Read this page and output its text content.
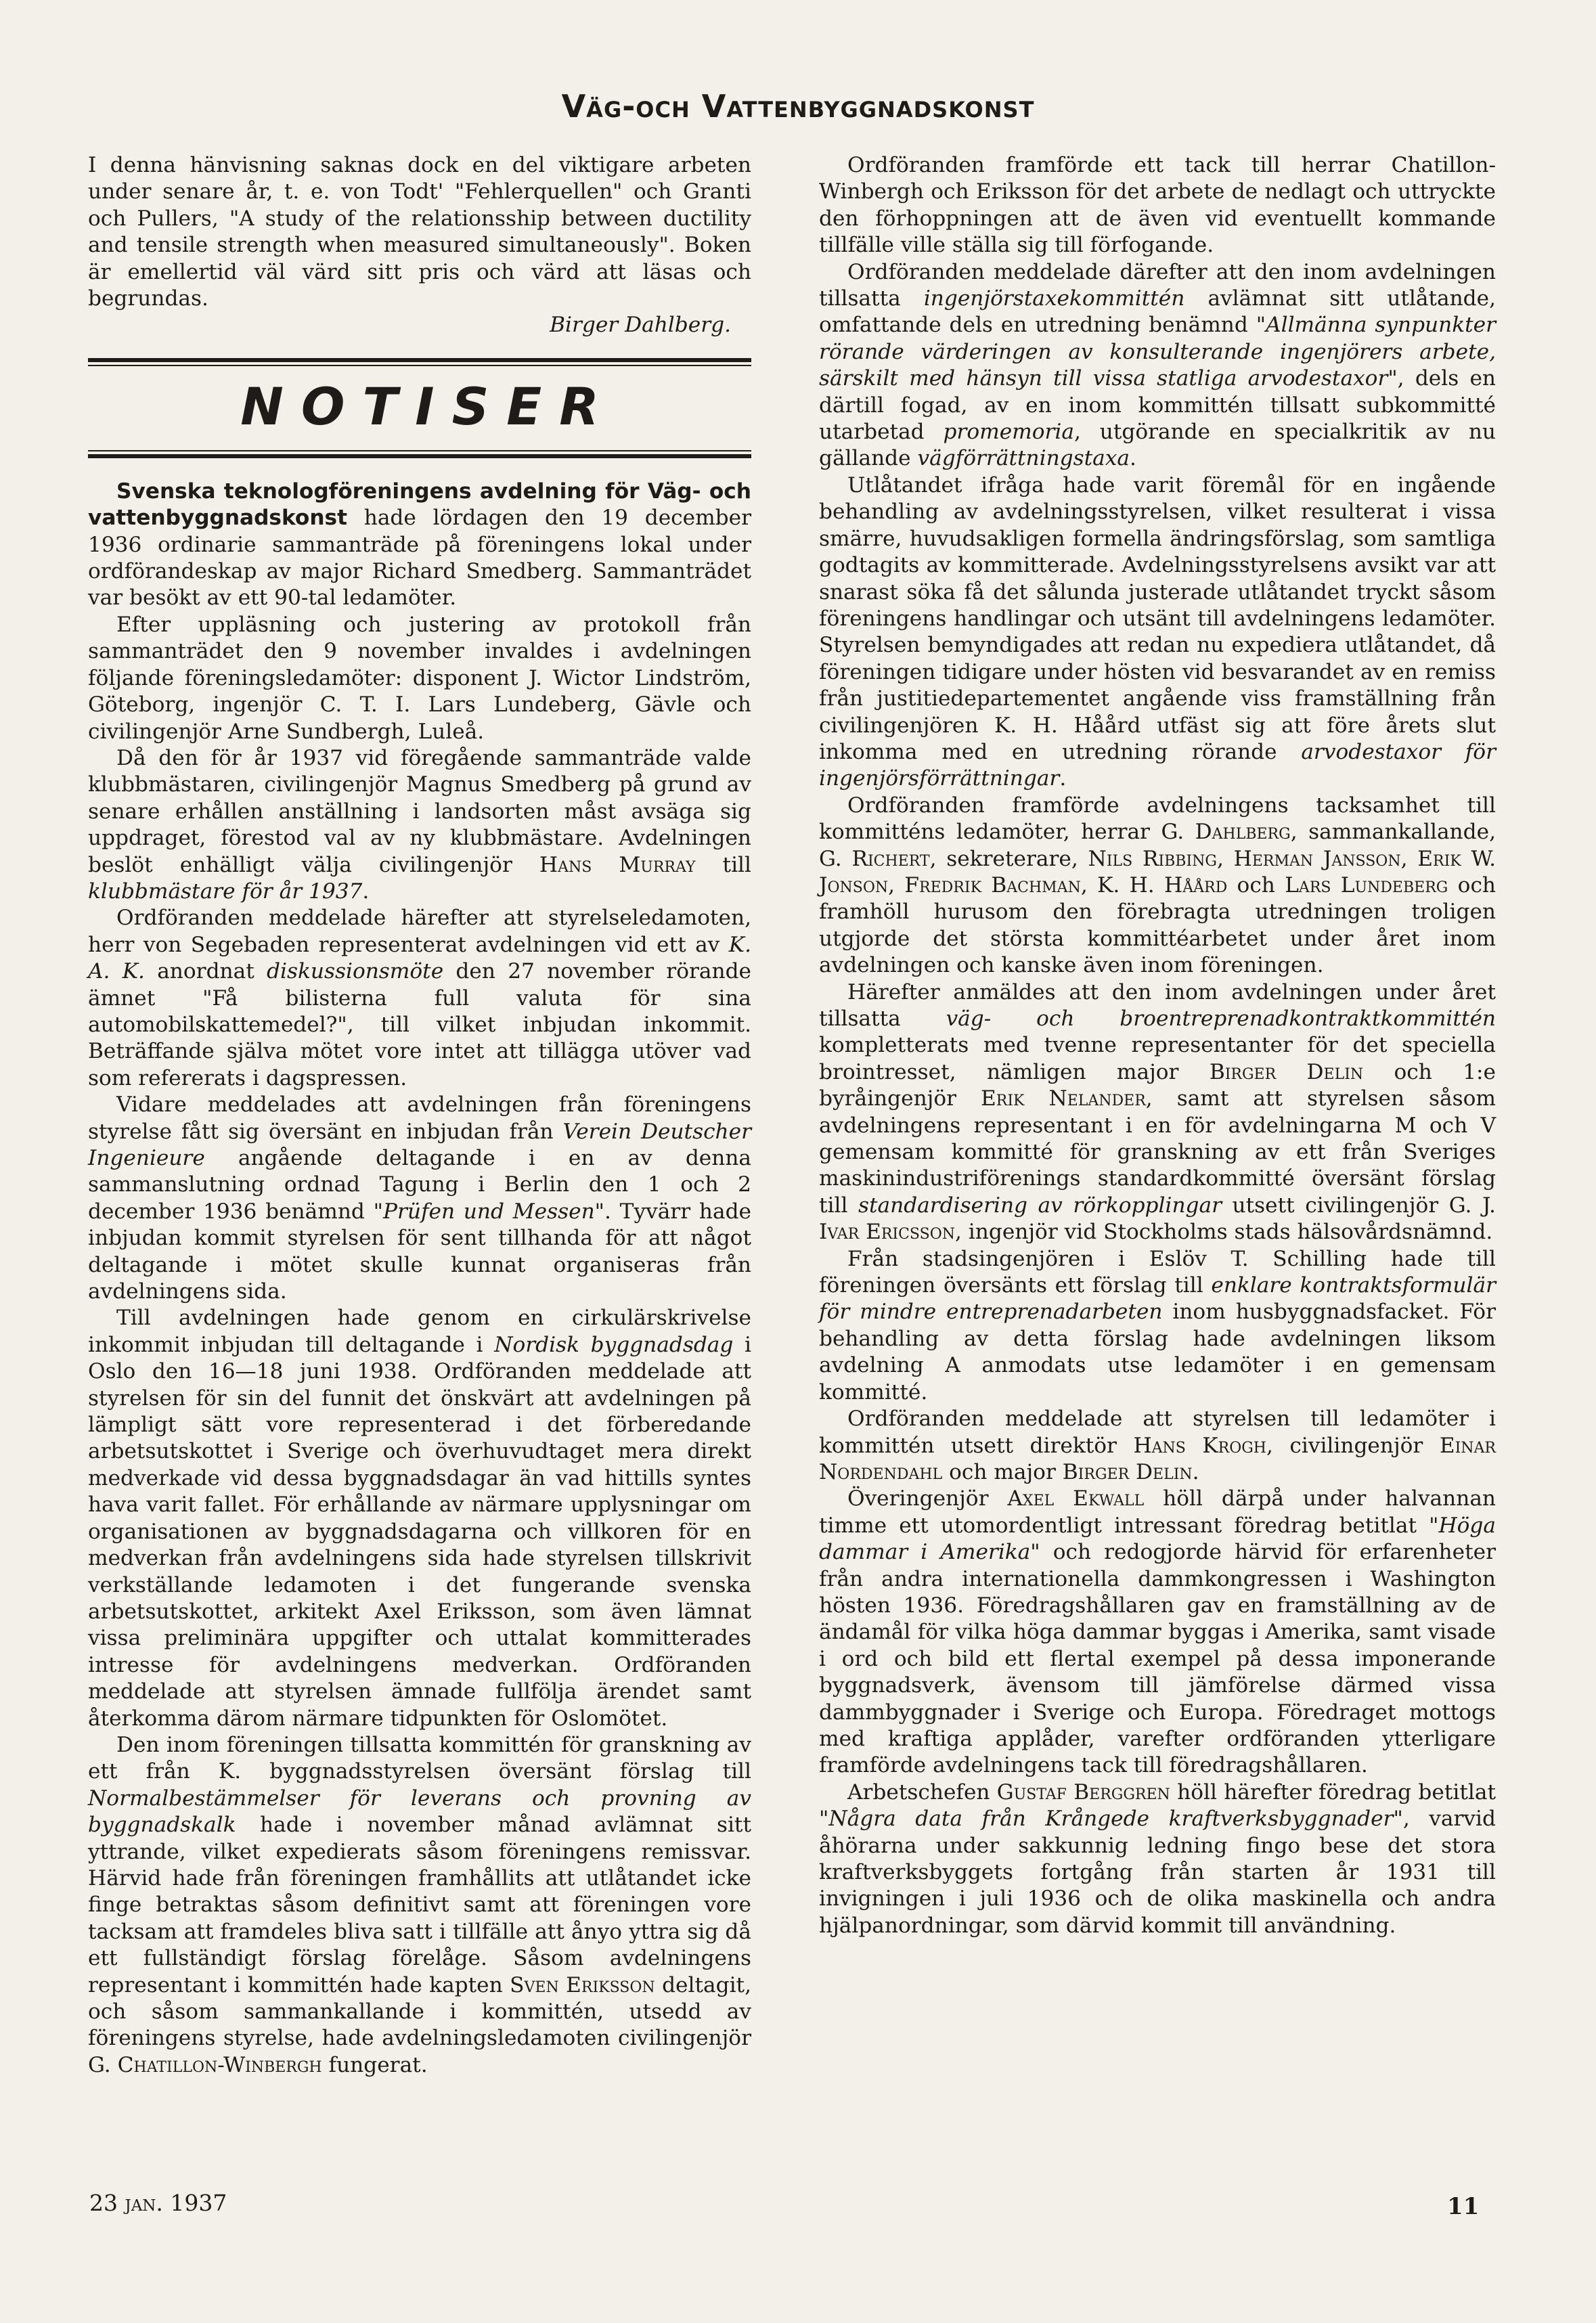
Väg-och Vattenbyggnadskonst

I denna hänvisning saknas dock en del viktigare arbeten under senare år, t. e. von Todt' "Fehlerquellen" och Granti och Pullers, "A study of the relationsship between ductility and tensile strength when measured simultaneously". Boken är emellertid väl värd sitt pris och värd att läsas och begrundas.

Birger Dahlberg.

NOTISER

Svenska teknologföreningens avdelning för Väg- och vattenbyggnadskonst hade lördagen den 19 december 1936 ordinarie sammanträde på föreningens lokal under ordförandeskap av major Richard Smedberg. Sammanträdet var besökt av ett 90-tal ledamöter.

Efter uppläsning och justering av protokoll från sammanträdet den 9 november invaldes i avdelningen följande föreningsledamöter: disponent J. Wictor Lindström, Göteborg, ingenjör C. T. I. Lars Lundeberg, Gävle och civilingenjör Arne Sundbergh, Luleå.

Då den för år 1937 vid föregående sammanträde valde klubbmästaren, civilingenjör Magnus Smedberg på grund av senare erhållen anställning i landsorten måst avsäga sig uppdraget, förestod val av ny klubbmästare. Avdelningen beslöt enhälligt välja civilingenjör Hans Murray till klubbmästare för år 1937.

Ordföranden meddelade härefter att styrelseledamoten, herr von Segebaden representerat avdelningen vid ett av K. A. K. anordnat diskussionsmöte den 27 november rörande ämnet "Få bilisterna full valuta för sina automobilskattemedel?", till vilket inbjudan inkommit. Beträffande själva mötet vore intet att tillägga utöver vad som refererats i dagspressen.

Vidare meddelades att avdelningen från föreningens styrelse fått sig översänt en inbjudan från Verein Deutscher Ingenieure angående deltagande i en av denna sammanslutning ordnad Tagung i Berlin den 1 och 2 december 1936 benämnd "Prüfen und Messen". Tyvärr hade inbjudan kommit styrelsen för sent tillhanda för att något deltagande i mötet skulle kunnat organiseras från avdelningens sida.

Till avdelningen hade genom en cirkulärskrivelse inkommit inbjudan till deltagande i Nordisk byggnadsdag i Oslo den 16—18 juni 1938. Ordföranden meddelade att styrelsen för sin del funnit det önskvärt att avdelningen på lämpligt sätt vore representerad i det förberedande arbetsutskottet i Sverige och överhuvudtaget mera direkt medverkade vid dessa byggnadsdagar än vad hittills syntes hava varit fallet. För erhållande av närmare upplysningar om organisationen av byggnadsdagarna och villkoren för en medverkan från avdelningens sida hade styrelsen tillskrivit verkställande ledamoten i det fungerande svenska arbetsutskottet, arkitekt Axel Eriksson, som även lämnat vissa preliminära uppgifter och uttalat kommitterades intresse för avdelningens medverkan. Ordföranden meddelade att styrelsen ämnade fullfölja ärendet samt återkomma därom närmare tidpunkten för Oslomötet.

Den inom föreningen tillsatta kommittén för granskning av ett från K. byggnadsstyrelsen översänt förslag till Normalbestämmelser för leverans och provning av byggnadskalk hade i november månad avlämnat sitt yttrande, vilket expedierats såsom föreningens remissvar. Härvid hade från föreningen framhållits att utlåtandet icke finge betraktas såsom definitivt samt att föreningen vore tacksam att framdeles bliva satt i tillfälle att ånyo yttra sig då ett fullständigt förslag förelåge. Såsom avdelningens representant i kommittén hade kapten Sven Eriksson deltagit, och såsom sammankallande i kommittén, utsedd av föreningens styrelse, hade avdelningsledamoten civilingenjör G. Chatillon-Winbergh fungerat.

Ordföranden framförde ett tack till herrar Chatillon-Winbergh och Eriksson för det arbete de nedlagt och uttryckte den förhoppningen att de även vid eventuellt kommande tillfälle ville ställa sig till förfogande.

Ordföranden meddelade därefter att den inom avdelningen tillsatta ingenjörstaxekommittén avlämnat sitt utlåtande, omfattande dels en utredning benämnd "Allmänna synpunkter rörande värderingen av konsulterande ingenjörers arbete, särskilt med hänsyn till vissa statliga arvodestaxor", dels en därtill fogad, av en inom kommittén tillsatt subkommitté utarbetad promemoria, utgörande en specialkritik av nu gällande vägförrättningstaxa.

Utlåtandet ifråga hade varit föremål för en ingående behandling av avdelningsstyrelsen, vilket resulterat i vissa smärre, huvudsakligen formella ändringsförslag, som samtliga godtagits av kommitterade. Avdelningsstyrelsens avsikt var att snarast söka få det sålunda justerade utlåtandet tryckt såsom föreningens handlingar och utsänt till avdelningens ledamöter. Styrelsen bemyndigades att redan nu expediera utlåtandet, då föreningen tidigare under hösten vid besvarandet av en remiss från justitiedepartementet angående viss framställning från civilingenjören K. H. Håård utfäst sig att före årets slut inkomma med en utredning rörande arvodestaxor för ingenjörsförrättningar.

Ordföranden framförde avdelningens tacksamhet till kommitténs ledamöter, herrar G. Dahlberg, sammankallande, G. Richert, sekreterare, Nils Ribbing, Herman Jansson, Erik W. Jonson, Fredrik Bachman, K. H. Håård och Lars Lundeberg och framhöll hurusom den förebragta utredningen troligen utgjorde det största kommittéarbetet under året inom avdelningen och kanske även inom föreningen.

Härefter anmäldes att den inom avdelningen under året tillsatta väg- och broentreprenadkontraktkommittén kompletterats med tvenne representanter för det speciella brointresset, nämligen major Birger Delin och 1:e byråingenjör Erik Nelander, samt att styrelsen såsom avdelningens representant i en för avdelningarna M och V gemensam kommitté för granskning av ett från Sveriges maskinindustriförenings standardkommitté översänt förslag till standardisering av rörkopplingar utsett civilingenjör G. J. Ivar Ericsson, ingenjör vid Stockholms stads hälsovårdsnämnd.

Från stadsingenjören i Eslöv T. Schilling hade till föreningen översänts ett förslag till enklare kontraktsformulär för mindre entreprenadarbeten inom husbyggnadsfacket. För behandling av detta förslag hade avdelningen liksom avdelning A anmodats utse ledamöter i en gemensam kommitté.

Ordföranden meddelade att styrelsen till ledamöter i kommittén utsett direktör Hans Krogh, civilingenjör Einar Nordendahl och major Birger Delin.

Överingenjör Axel Ekwall höll därpå under halvannan timme ett utomordentligt intressant föredrag betitlat "Höga dammar i Amerika" och redogjorde härvid för erfarenheter från andra internationella dammkongressen i Washington hösten 1936. Föredragshållaren gav en framställning av de ändamål för vilka höga dammar byggas i Amerika, samt visade i ord och bild ett flertal exempel på dessa imponerande byggnadsverk, ävensom till jämförelse därmed vissa dammbyggnader i Sverige och Europa. Föredraget mottogs med kraftiga applåder, varefter ordföranden ytterligare framförde avdelningens tack till föredragshållaren.

Arbetschefen Gustaf Berggren höll härefter föredrag betitlat "Några data från Krångede kraftverksbyggnader", varvid åhörarna under sakkunnig ledning fingo bese det stora kraftverksbyggets fortgång från starten år 1931 till invigningen i juli 1936 och de olika maskinella och andra hjälpanordningar, som därvid kommit till användning.

23 jan. 1937	11
